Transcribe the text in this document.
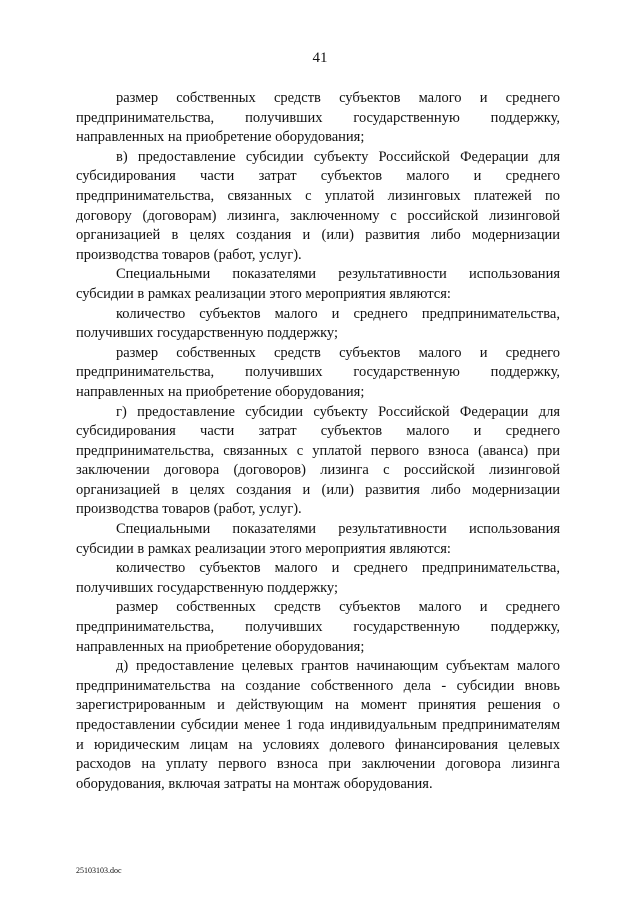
41

размер собственных средств субъектов малого и среднего предпринимательства, получивших государственную поддержку, направленных на приобретение оборудования;

в) предоставление субсидии субъекту Российской Федерации для субсидирования части затрат субъектов малого и среднего предпринимательства, связанных с уплатой лизинговых платежей по договору (договорам) лизинга, заключенному с российской лизинговой организацией в целях создания и (или) развития либо модернизации производства товаров (работ, услуг).

Специальными показателями результативности использования субсидии в рамках реализации этого мероприятия являются:

количество субъектов малого и среднего предпринимательства, получивших государственную поддержку;

размер собственных средств субъектов малого и среднего предпринимательства, получивших государственную поддержку, направленных на приобретение оборудования;

г) предоставление субсидии субъекту Российской Федерации для субсидирования части затрат субъектов малого и среднего предпринимательства, связанных с уплатой первого взноса (аванса) при заключении договора (договоров) лизинга с российской лизинговой организацией в целях создания и (или) развития либо модернизации производства товаров (работ, услуг).

Специальными показателями результативности использования субсидии в рамках реализации этого мероприятия являются:

количество субъектов малого и среднего предпринимательства, получивших государственную поддержку;

размер собственных средств субъектов малого и среднего предпринимательства, получивших государственную поддержку, направленных на приобретение оборудования;

д) предоставление целевых грантов начинающим субъектам малого предпринимательства на создание собственного дела - субсидии вновь зарегистрированным и действующим на момент принятия решения о предоставлении субсидии менее 1 года индивидуальным предпринимателям и юридическим лицам на условиях долевого финансирования целевых расходов на уплату первого взноса при заключении договора лизинга оборудования, включая затраты на монтаж оборудования.

25103103.doc
